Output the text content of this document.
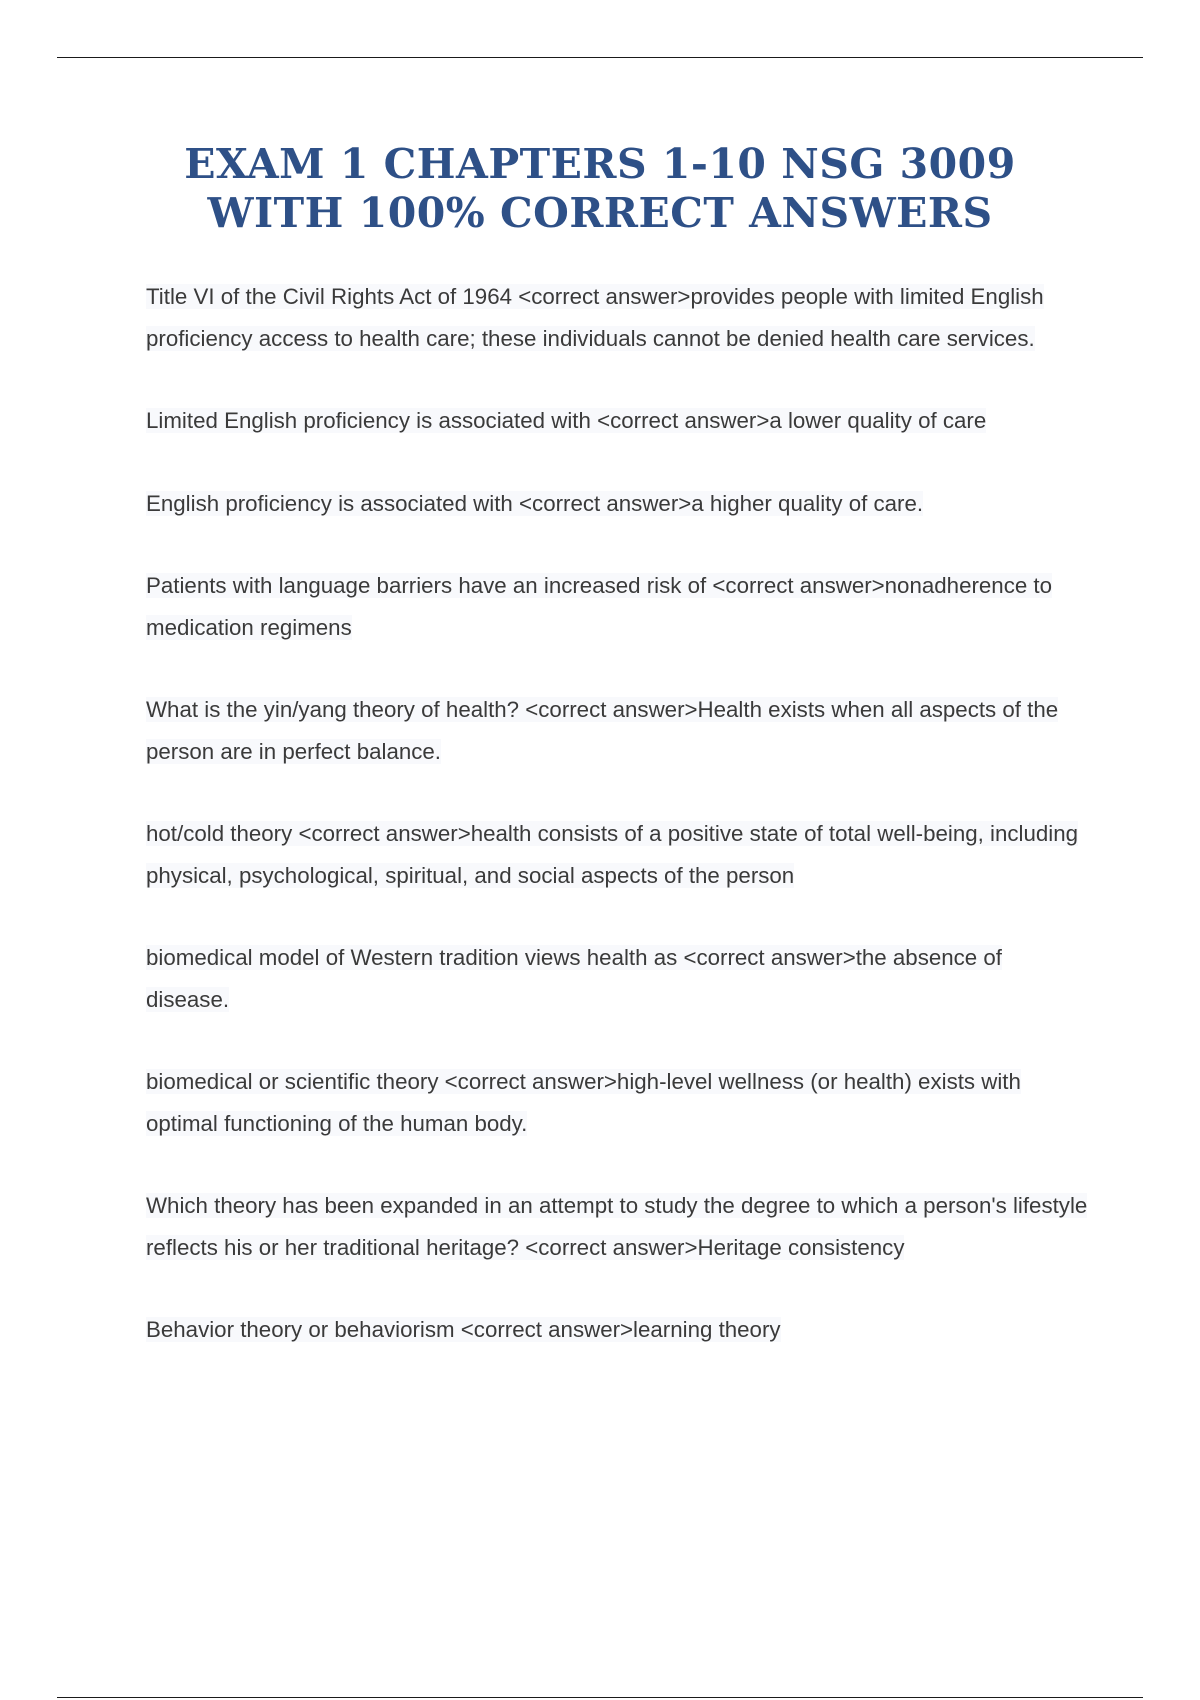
EXAM 1 CHAPTERS 1-10 NSG 3009
WITH 100% CORRECT ANSWERS

Title VI of the Civil Rights Act of 1964 <correct answer>provides people with limited English proficiency access to health care; these individuals cannot be denied health care services.

Limited English proficiency is associated with <correct answer>a lower quality of care

English proficiency is associated with <correct answer>a higher quality of care.

Patients with language barriers have an increased risk of <correct answer>nonadherence to medication regimens

What is the yin/yang theory of health? <correct answer>Health exists when all aspects of the person are in perfect balance.

hot/cold theory <correct answer>health consists of a positive state of total well-being, including physical, psychological, spiritual, and social aspects of the person

biomedical model of Western tradition views health as <correct answer>the absence of disease.

biomedical or scientific theory <correct answer>high-level wellness (or health) exists with optimal functioning of the human body.

Which theory has been expanded in an attempt to study the degree to which a person's lifestyle reflects his or her traditional heritage? <correct answer>Heritage consistency

Behavior theory or behaviorism <correct answer>learning theory
